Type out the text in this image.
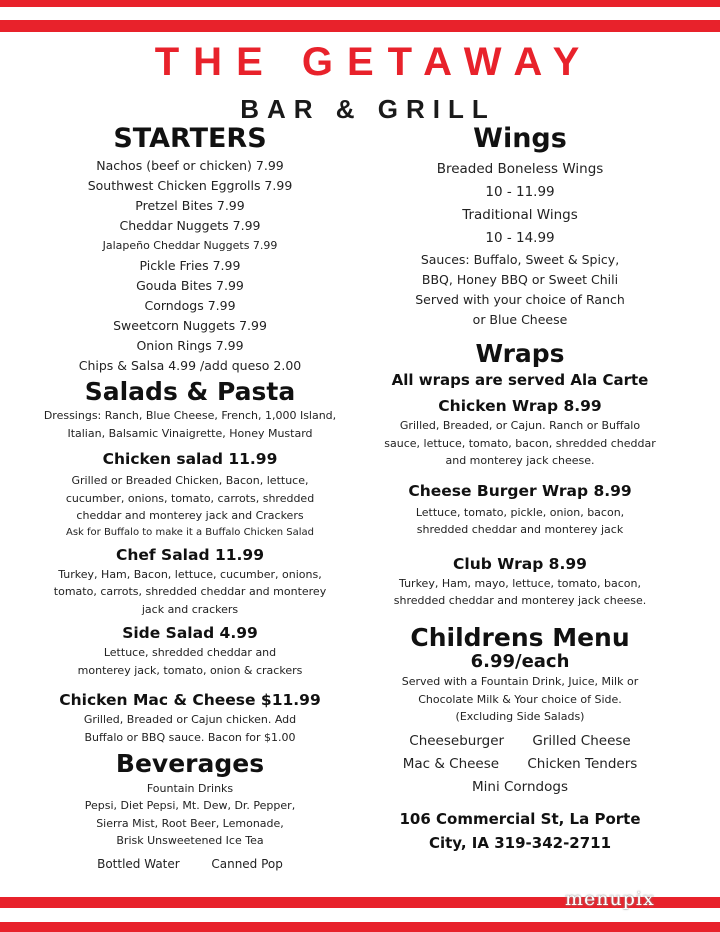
THE GETAWAY
BAR & GRILL
STARTERS
Nachos (beef or chicken) 7.99
Southwest Chicken Eggrolls 7.99
Pretzel Bites 7.99
Cheddar Nuggets 7.99
Jalapeño Cheddar Nuggets 7.99
Pickle Fries 7.99
Gouda Bites 7.99
Corndogs 7.99
Sweetcorn Nuggets 7.99
Onion Rings 7.99
Chips & Salsa 4.99 /add queso 2.00
Salads & Pasta
Dressings: Ranch, Blue Cheese, French, 1,000 Island,
Italian, Balsamic Vinaigrette, Honey Mustard
Chicken salad 11.99
Grilled or Breaded Chicken, Bacon, lettuce,
cucumber, onions, tomato, carrots, shredded
cheddar and monterey jack and Crackers
Ask for Buffalo to make it a Buffalo Chicken Salad
Chef Salad 11.99
Turkey, Ham, Bacon, lettuce, cucumber, onions,
tomato, carrots, shredded cheddar and monterey
jack and crackers
Side Salad 4.99
Lettuce, shredded cheddar and
monterey jack, tomato, onion & crackers
Chicken Mac & Cheese $11.99
Grilled, Breaded or Cajun chicken. Add
Buffalo or BBQ sauce. Bacon for $1.00
Beverages
Fountain Drinks
Pepsi, Diet Pepsi, Mt. Dew, Dr. Pepper,
Sierra Mist, Root Beer, Lemonade,
Brisk Unsweetened Ice Tea
Bottled Water	Canned Pop
Wings
Breaded Boneless Wings
10 - 11.99
Traditional Wings
10 - 14.99
Sauces: Buffalo, Sweet & Spicy,
BBQ, Honey BBQ or Sweet Chili
Served with your choice of Ranch
or Blue Cheese
Wraps
All wraps are served Ala Carte
Chicken Wrap 8.99
Grilled, Breaded, or Cajun. Ranch or Buffalo
sauce, lettuce, tomato, bacon, shredded cheddar
and monterey jack cheese.
Cheese Burger Wrap 8.99
Lettuce, tomato, pickle, onion, bacon,
shredded cheddar and monterey jack
Club Wrap 8.99
Turkey, Ham, mayo, lettuce, tomato, bacon,
shredded cheddar and monterey jack cheese.
Childrens Menu
6.99/each
Served with a Fountain Drink, Juice, Milk or
Chocolate Milk & Your choice of Side.
(Excluding Side Salads)
Cheeseburger Grilled Cheese
Mac & Cheese Chicken Tenders
Mini Corndogs
106 Commercial St, La Porte
City, IA 319-342-2711
menupix
